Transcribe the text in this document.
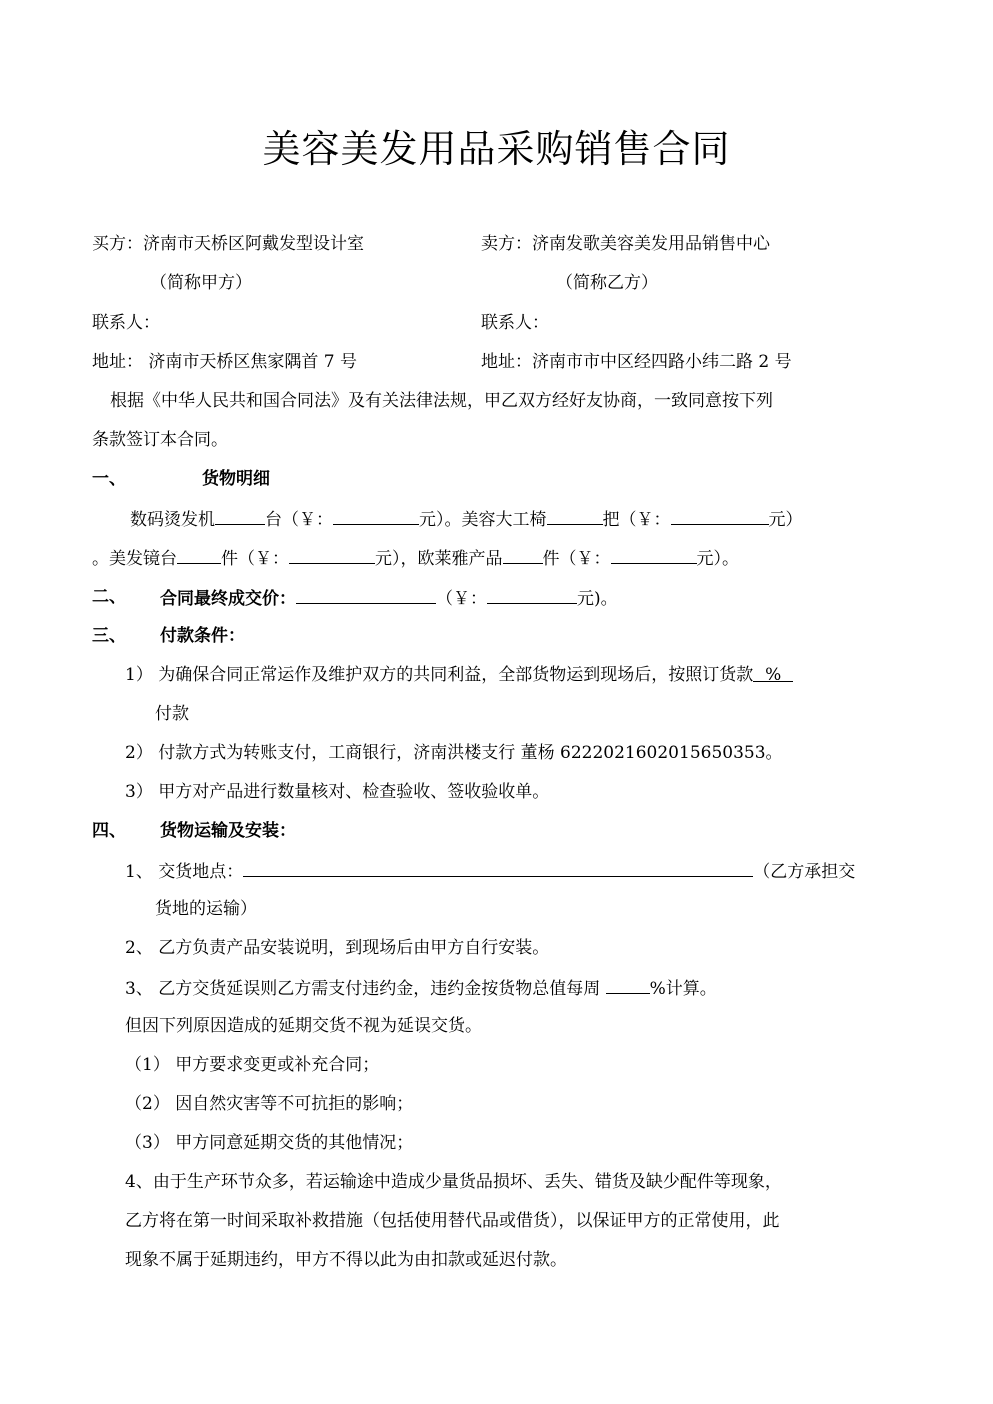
美容美发用品采购销售合同
买方：济南市天桥区阿戴发型设计室	卖方：济南发歌美容美发用品销售中心
（简称甲方）	（简称乙方）
联系人：	联系人：
地址： 济南市天桥区焦家隅首 7 号	地址：济南市市中区经四路小纬二路 2 号
根据《中华人民共和国合同法》及有关法律法规，甲乙双方经好友协商，一致同意按下列
条款签订本合同。
一、	货物明细
数码烫发机	台（￥：	元）。美容大工椅	把（￥：	元）
。美发镜台	件（￥：	元），欧莱雅产品 件（￥：	元）。
二、 合同最终成交价：	（￥：	元)。
三、 付款条件：
1） 为确保合同正常运作及维护双方的共同利益，全部货物运到现场后，按照订货款 %
付款
2） 付款方式为转账支付，工商银行，济南洪楼支行 董杨 6222021602015650353。
3） 甲方对产品进行数量核对、检查验收、签收验收单。
四、 货物运输及安装：
1、 交货地点：	（乙方承担交
货地的运输）
2、 乙方负责产品安装说明，到现场后由甲方自行安装。
3、 乙方交货延误则乙方需支付违约金，违约金按货物总值每周	%计算。
但因下列原因造成的延期交货不视为延误交货。
（1） 甲方要求变更或补充合同；
（2） 因自然灾害等不可抗拒的影响；
（3） 甲方同意延期交货的其他情况；
4、由于生产环节众多，若运输途中造成少量货品损坏、丢失、错货及缺少配件等现象，
乙方将在第一时间采取补救措施（包括使用替代品或借货），以保证甲方的正常使用，此
现象不属于延期违约，甲方不得以此为由扣款或延迟付款。
